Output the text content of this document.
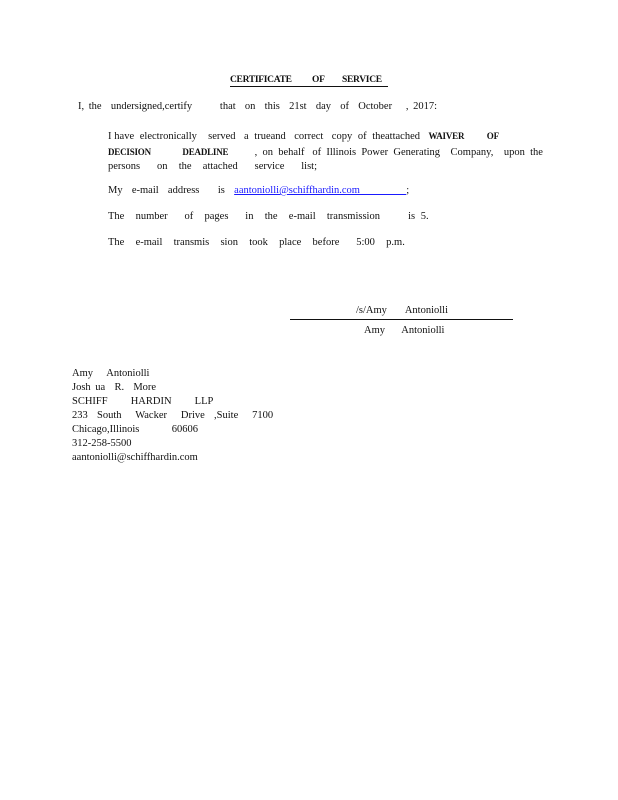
CERTIFICATE OF SERVICE
I, the  undersigned,certify      that  on  this  21st  day  of  October   , 2017:
I have  electronically    served   a  trueand   correct   copy  of  theattached WAIVER	OF
DECISION	DEADLINE	,  on  behalf   of  Illinois  Power  Generating    Company,    upon  the
persons   on  the  attached   service   list;
My  e-mail  address    is aantoniolli@schiffhardin.com	;
The  number   of  pages   in  the  e-mail  transmission     is 5.
The  e-mail  transmis  sion  took  place  before   5:00  p.m.
/s/Amy    Antoniolli
Amy   Antoniolli
Amy   Antoniolli
Josh ua  R.  More
SCHIFF     HARDIN     LLP
233  South   Wacker   Drive  ,Suite   7100
Chicago,Illinois       60606
312-258-5500
aantoniolli@schiffhardin.com
